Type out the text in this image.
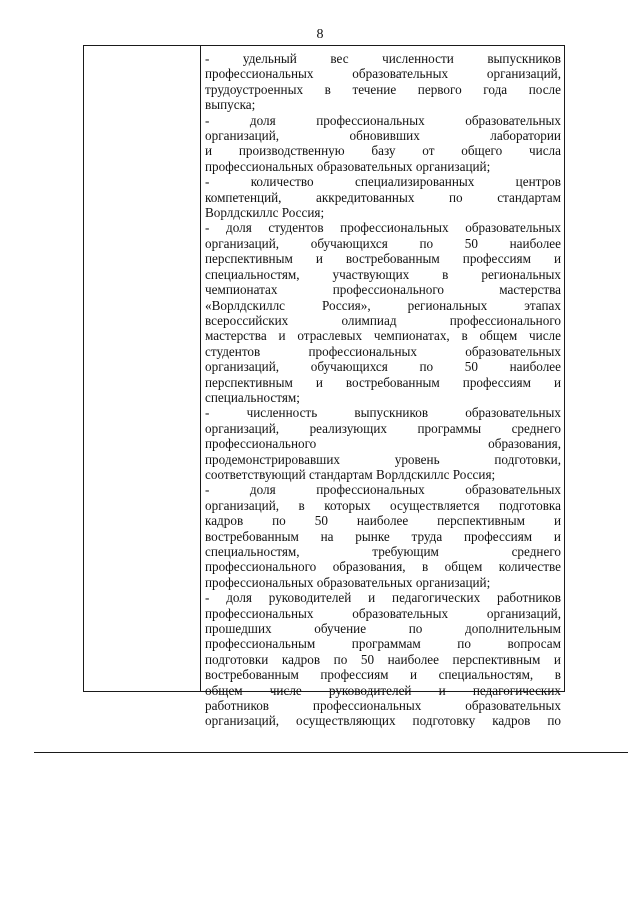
8

- удельный вес численности выпускников
профессиональных образовательных организаций,
трудоустроенных в течение первого года после
выпуска;

- доля профессиональных образовательных
организаций, обновивших лаборатории
и производственную базу от общего числа
профессиональных образовательных организаций;

- количество специализированных центров
компетенций, аккредитованных по стандартам
Ворлдскиллс Россия;

- доля студентов профессиональных образовательных
организаций, обучающихся по 50 наиболее
перспективным и востребованным профессиям и
специальностям, участвующих в региональных
чемпионатах профессионального мастерства
«Ворлдскиллс Россия», региональных этапах
всероссийских олимпиад профессионального
мастерства и отраслевых чемпионатах, в общем числе
студентов профессиональных образовательных
организаций, обучающихся по 50 наиболее
перспективным и востребованным профессиям и
специальностям;

- численность выпускников образовательных
организаций, реализующих программы среднего
профессионального образования,
продемонстрировавших уровень подготовки,
соответствующий стандартам Ворлдскиллс Россия;

- доля профессиональных образовательных
организаций, в которых осуществляется подготовка
кадров по 50 наиболее перспективным и
востребованным на рынке труда профессиям и
специальностям, требующим среднего
профессионального образования, в общем количестве
профессиональных образовательных организаций;

- доля руководителей и педагогических работников
профессиональных образовательных организаций,
прошедших обучение по дополнительным
профессиональным программам по вопросам
подготовки кадров по 50 наиболее перспективным и
востребованным профессиям и специальностям, в
общем числе руководителей и педагогических
работников профессиональных образовательных
организаций, осуществляющих подготовку кадров по
